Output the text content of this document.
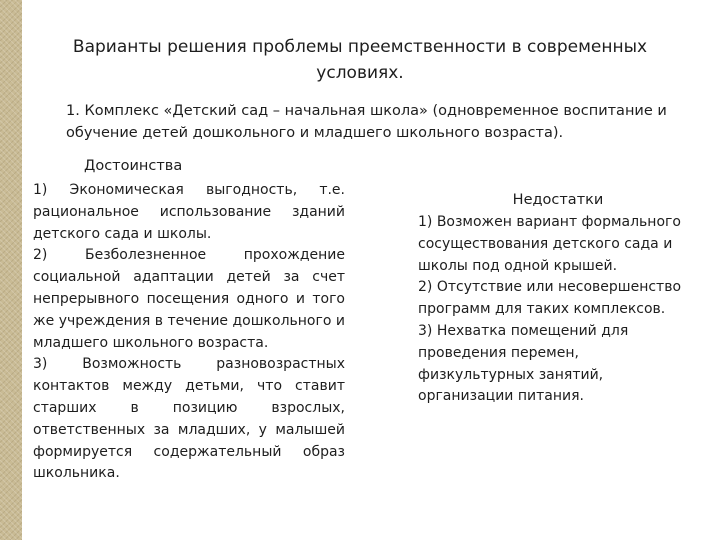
Варианты решения проблемы преемственности в современных
условиях.
1. Комплекс «Детский сад – начальная школа» (одновременное воспитание и обучение детей дошкольного и младшего школьного возраста).
Достоинства

1) Экономическая выгодность, т.е. рациональное использование зданий детского сада и школы.

2) Безболезненное прохождение социальной адаптации детей за счет непрерывного посещения одного и того же учреждения в течение дошкольного и младшего школьного возраста.

3) Возможность разновозрастных контактов между детьми, что ставит старших в позицию взрослых, ответственных за младших, у малышей формируется содержательный образ школьника.

Недостатки

1) Возможен вариант формального сосуществования детского сада и школы под одной крышей.

2) Отсутствие или несовершенство программ для таких комплексов.

3) Нехватка помещений для проведения перемен, физкультурных занятий, организации питания.
